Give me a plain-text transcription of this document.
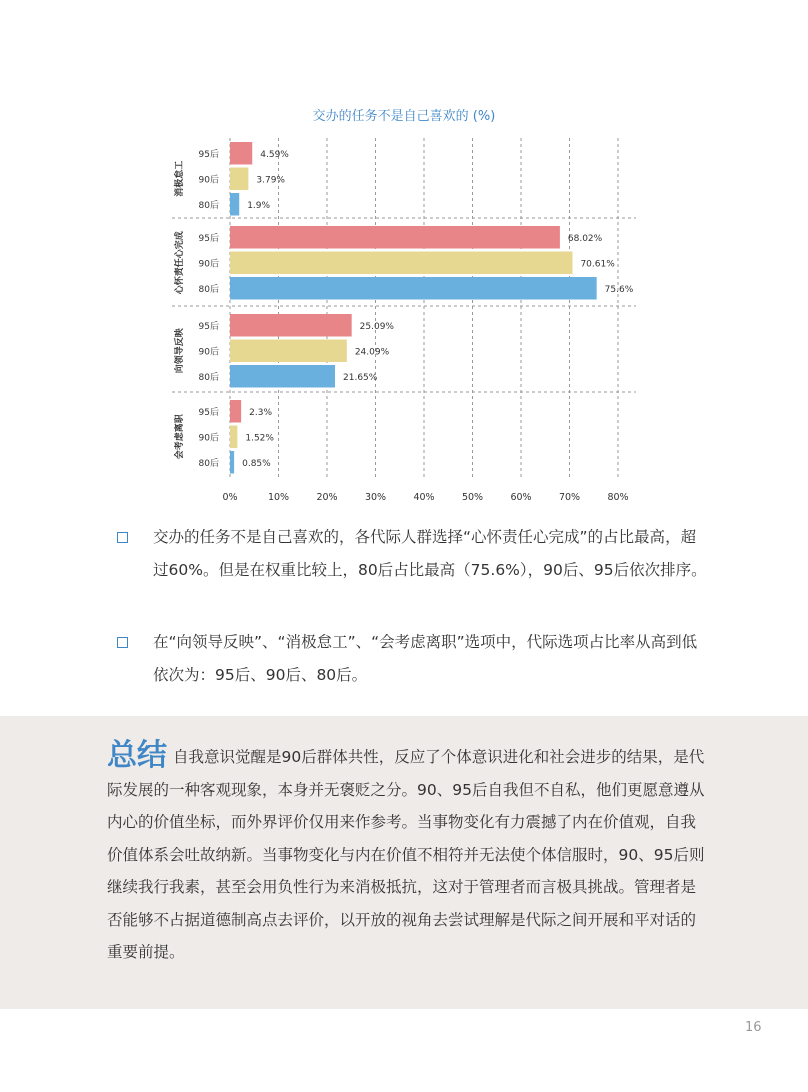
交办的任务不是自己喜欢的 (%)
0%	10%	20%	30%	40%	50%	60%	70%	80%
95后	4.59%
90后	3.79%
80后	1.9%
消极怠工
95后	68.02%
90后	70.61%
80后	75.6%
心怀责任心完成
95后	25.09%
90后	24.09%
80后	21.65%
向领导反映
95后	2.3%
90后	1.52%
80后	0.85%
会考虑离职
交办的任务不是自己喜欢的，各代际人群选择“心怀责任心完成”的占比最高，超过60%。但是在权重比较上，80后占比最高（75.6%），90后、95后依次排序。
在“向领导反映”、“消极怠工”、“会考虑离职”选项中，代际选项占比率从高到低依次为：95后、90后、80后。

总结 自我意识觉醒是90后群体共性，反应了个体意识进化和社会进步的结果，是代际发展的一种客观现象，本身并无褒贬之分。90、95后自我但不自私，他们更愿意遵从内心的价值坐标，而外界评价仅用来作参考。当事物变化有力震撼了内在价值观，自我价值体系会吐故纳新。当事物变化与内在价值不相符并无法使个体信服时，90、95后则继续我行我素，甚至会用负性行为来消极抵抗，这对于管理者而言极具挑战。管理者是否能够不占据道德制高点去评价，以开放的视角去尝试理解是代际之间开展和平对话的重要前提。

16
